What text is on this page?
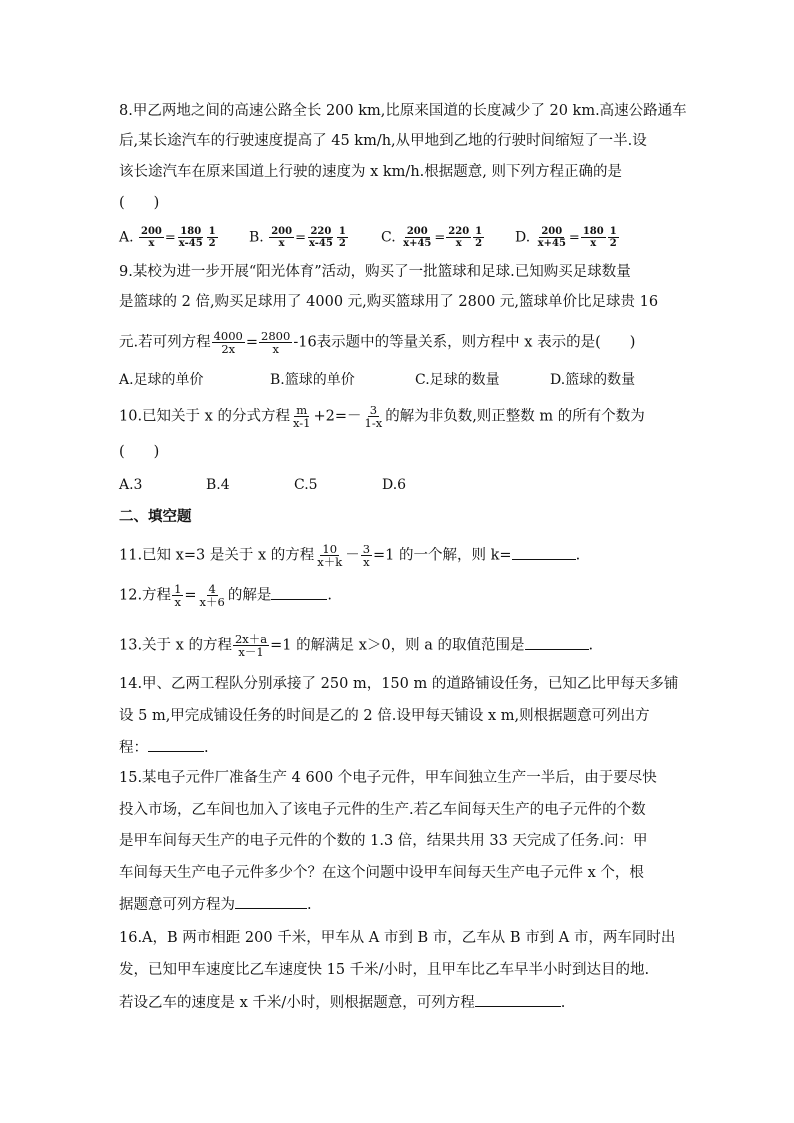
8.甲乙两地之间的高速公路全长 200 km,比原来国道的长度减少了 20 km.高速公路通车
后,某长途汽车的行驶速度提高了 45 km/h,从甲地到乙地的行驶时间缩短了一半.设
该长途汽车在原来国道上行驶的速度为 x km/h.根据题意, 则下列方程正确的是
(　　)
A. $\frac{200}{x} = \frac{180}{x-45} \frac{1}{2} B$. $\frac{200}{x} = \frac{220}{x-45} \frac{1}{2} C$. $\frac{200}{x+45} = \frac{220}{x} \frac{1}{2} D$. $\frac{200}{x+45} = \frac{180}{x} \frac{1}{2}$
9.某校为进一步开展“阳光体育”活动，购买了一批篮球和足球.已知购买足球数量
是篮球的 2 倍,购买足球用了 4000 元,购买篮球用了 2800 元,篮球单价比足球贵 16
元.若可列方程 $\frac{4000}{2x} = \frac{2800}{x} -16$表示题中的等量关系，则方程中 x 表示的是(　　)
A.足球的单价	B.篮球的单价	C.足球的数量	D.篮球的数量
10.已知关于 x 的分式方程 $\frac{m}{x-1} +2=- \frac{3}{1-x}$ 的解为非负数,则正整数 m 的所有个数为
(　　)
A.3	B.4	C.5	D.6
二、填空题
11.已知 x=3 是关于 x 的方程 $\frac{10}{x+k} - \frac{3}{x} =1$ 的一个解，则 k=	.
12.方程 $\frac{1}{x} = \frac{4}{x+6}$ 的解是	.
13.关于 x 的方程 $\frac{2x+a}{x-1} =1$ 的解满足 x＞0，则 a 的取值范围是	.
14.甲、乙两工程队分别承接了 250 m，150 m 的道路铺设任务，已知乙比甲每天多铺
设 5 m,甲完成铺设任务的时间是乙的 2 倍.设甲每天铺设 x m,则根据题意可列出方
程：	.
15.某电子元件厂准备生产 4 600 个电子元件，甲车间独立生产一半后，由于要尽快
投入市场，乙车间也加入了该电子元件的生产.若乙车间每天生产的电子元件的个数
是甲车间每天生产的电子元件的个数的 1.3 倍，结果共用 33 天完成了任务.问：甲
车间每天生产电子元件多少个？在这个问题中设甲车间每天生产电子元件 x 个，根
据题意可列方程为	.
16.A，B 两市相距 200 千米，甲车从 A 市到 B 市，乙车从 B 市到 A 市，两车同时出
发，已知甲车速度比乙车速度快 15 千米/小时，且甲车比乙车早半小时到达目的地.
若设乙车的速度是 x 千米/小时，则根据题意，可列方程	.
